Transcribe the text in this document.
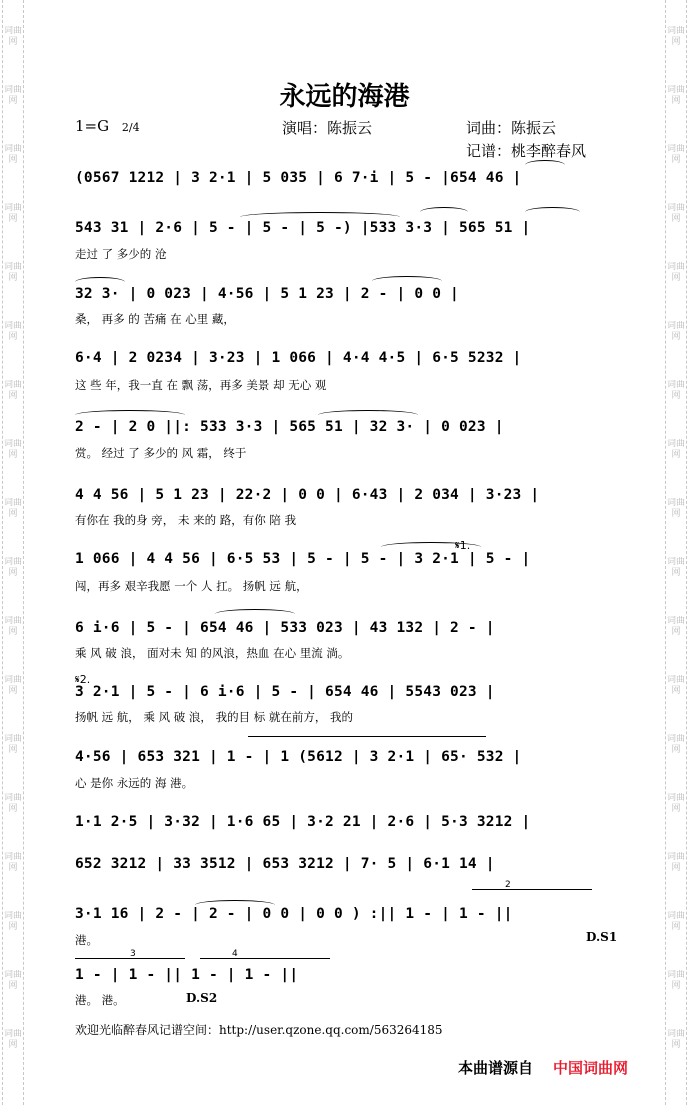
词曲网
词曲网
词曲网
词曲网
词曲网
词曲网
词曲网
词曲网
词曲网
词曲网
词曲网
词曲网
词曲网
词曲网
词曲网
词曲网
词曲网
词曲网
词曲网
词曲网
词曲网
词曲网
词曲网
词曲网
词曲网
词曲网
词曲网
词曲网
词曲网
词曲网
词曲网
词曲网
词曲网
词曲网
词曲网
词曲网
永远的海港
1=G 2/4	演唱：陈振云	词曲：陈振云
记谱：桃李醉春风
(0567 1212 | 3 2·1 | 5 035 | 6 7·i | 5 - |654 46 |
543 31 | 2·6 | 5 - | 5 - | 5 -) |533 3·3 | 565 51 |
走过 了 多少的 沧
32 3· | 0 023 | 4·56 | 5 1 23 | 2 - | 0 0 |
桑， 再多 的 苦痛 在 心里 藏，
6·4 | 2 0234 | 3·23 | 1 066 | 4·4 4·5 | 6·5 5232 |
这 些 年，我一直 在 飘 荡，再多 美景 却 无心 观
2 - | 2 0 ||: 533 3·3 | 565 51 | 32 3· | 0 023 |
赏。 经过 了 多少的 风 霜， 终于
4 4 56 | 5 1 23 | 22·2 | 0 0 | 6·43 | 2 034 | 3·23 |
有你在 我的身 旁， 未 来的 路，有你 陪 我
1 066 | 4 4 56 | 6·5 53 | 5 - | 5 - | 3 2·1 | 5 - |
闯，再多 艰辛我愿 一个 人 扛。 扬帆 远 航，
6 i·6 | 5 - | 654 46 | 533 023 | 43 132 | 2 - |
乘 风 破 浪， 面对未 知 的风浪，热血 在心 里流 淌。
3 2·1 | 5 - | 6 i·6 | 5 - | 654 46 | 5543 023 |
扬帆 远 航， 乘 风 破 浪， 我的目 标 就在前方， 我的
4·56 | 653 321 | 1 - | 1 (5612 | 3 2·1 | 65· 532 |
心 是你 永远的 海 港。
1·1 2·5 | 3·32 | 1·6 65 | 3·2 21 | 2·6 | 5·3 3212 |
652 3212 | 33 3512 | 653 3212 | 7· 5 | 6·1 14 |
3·1 16 | 2 - | 2 - | 0 0 | 0 0 ) :|| 1 - | 1 - ||
港。
1 - | 1 - || 1 - | 1 - ||
港。 港。
𝄋1.
𝄋2.
2
3	4
D.S1
D.S2
欢迎光临醉春风记谱空间：http://user.qzone.qq.com/563264185
本曲谱源自 中国词曲网
